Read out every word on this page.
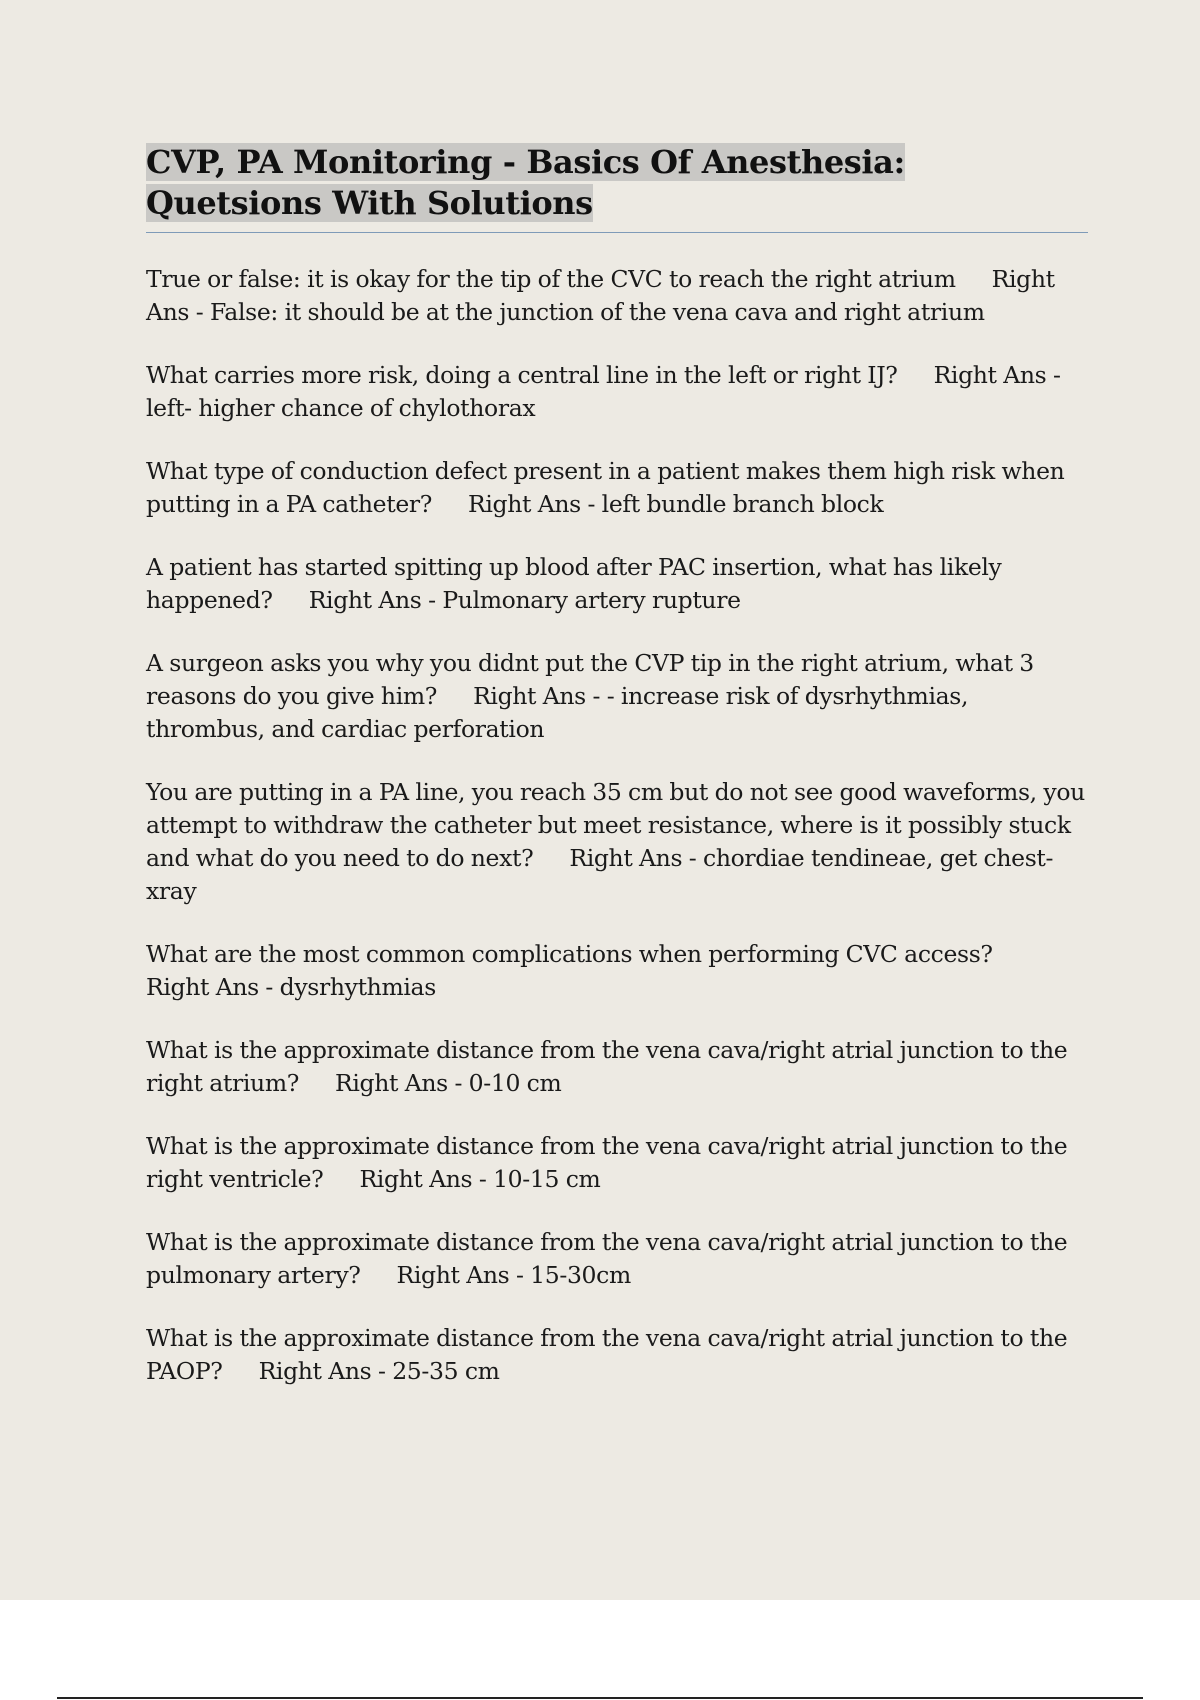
CVP, PA Monitoring - Basics Of Anesthesia: Quetsions With Solutions

True or false: it is okay for the tip of the CVC to reach the right atrium Right Ans - False: it should be at the junction of the vena cava and right atrium

What carries more risk, doing a central line in the left or right IJ? Right Ans - left- higher chance of chylothorax

What type of conduction defect present in a patient makes them high risk when putting in a PA catheter? Right Ans - left bundle branch block

A patient has started spitting up blood after PAC insertion, what has likely happened? Right Ans - Pulmonary artery rupture

A surgeon asks you why you didnt put the CVP tip in the right atrium, what 3 reasons do you give him? Right Ans - - increase risk of dysrhythmias, thrombus, and cardiac perforation

You are putting in a PA line, you reach 35 cm but do not see good waveforms, you attempt to withdraw the catheter but meet resistance, where is it possibly stuck and what do you need to do next? Right Ans - chordiae tendineae, get chest-xray

What are the most common complications when performing CVC access?Right Ans - dysrhythmias

What is the approximate distance from the vena cava/right atrial junction to the right atrium? Right Ans - 0-10 cm

What is the approximate distance from the vena cava/right atrial junction to the right ventricle? Right Ans - 10-15 cm

What is the approximate distance from the vena cava/right atrial junction to the pulmonary artery? Right Ans - 15-30cm

What is the approximate distance from the vena cava/right atrial junction to the PAOP? Right Ans - 25-35 cm
